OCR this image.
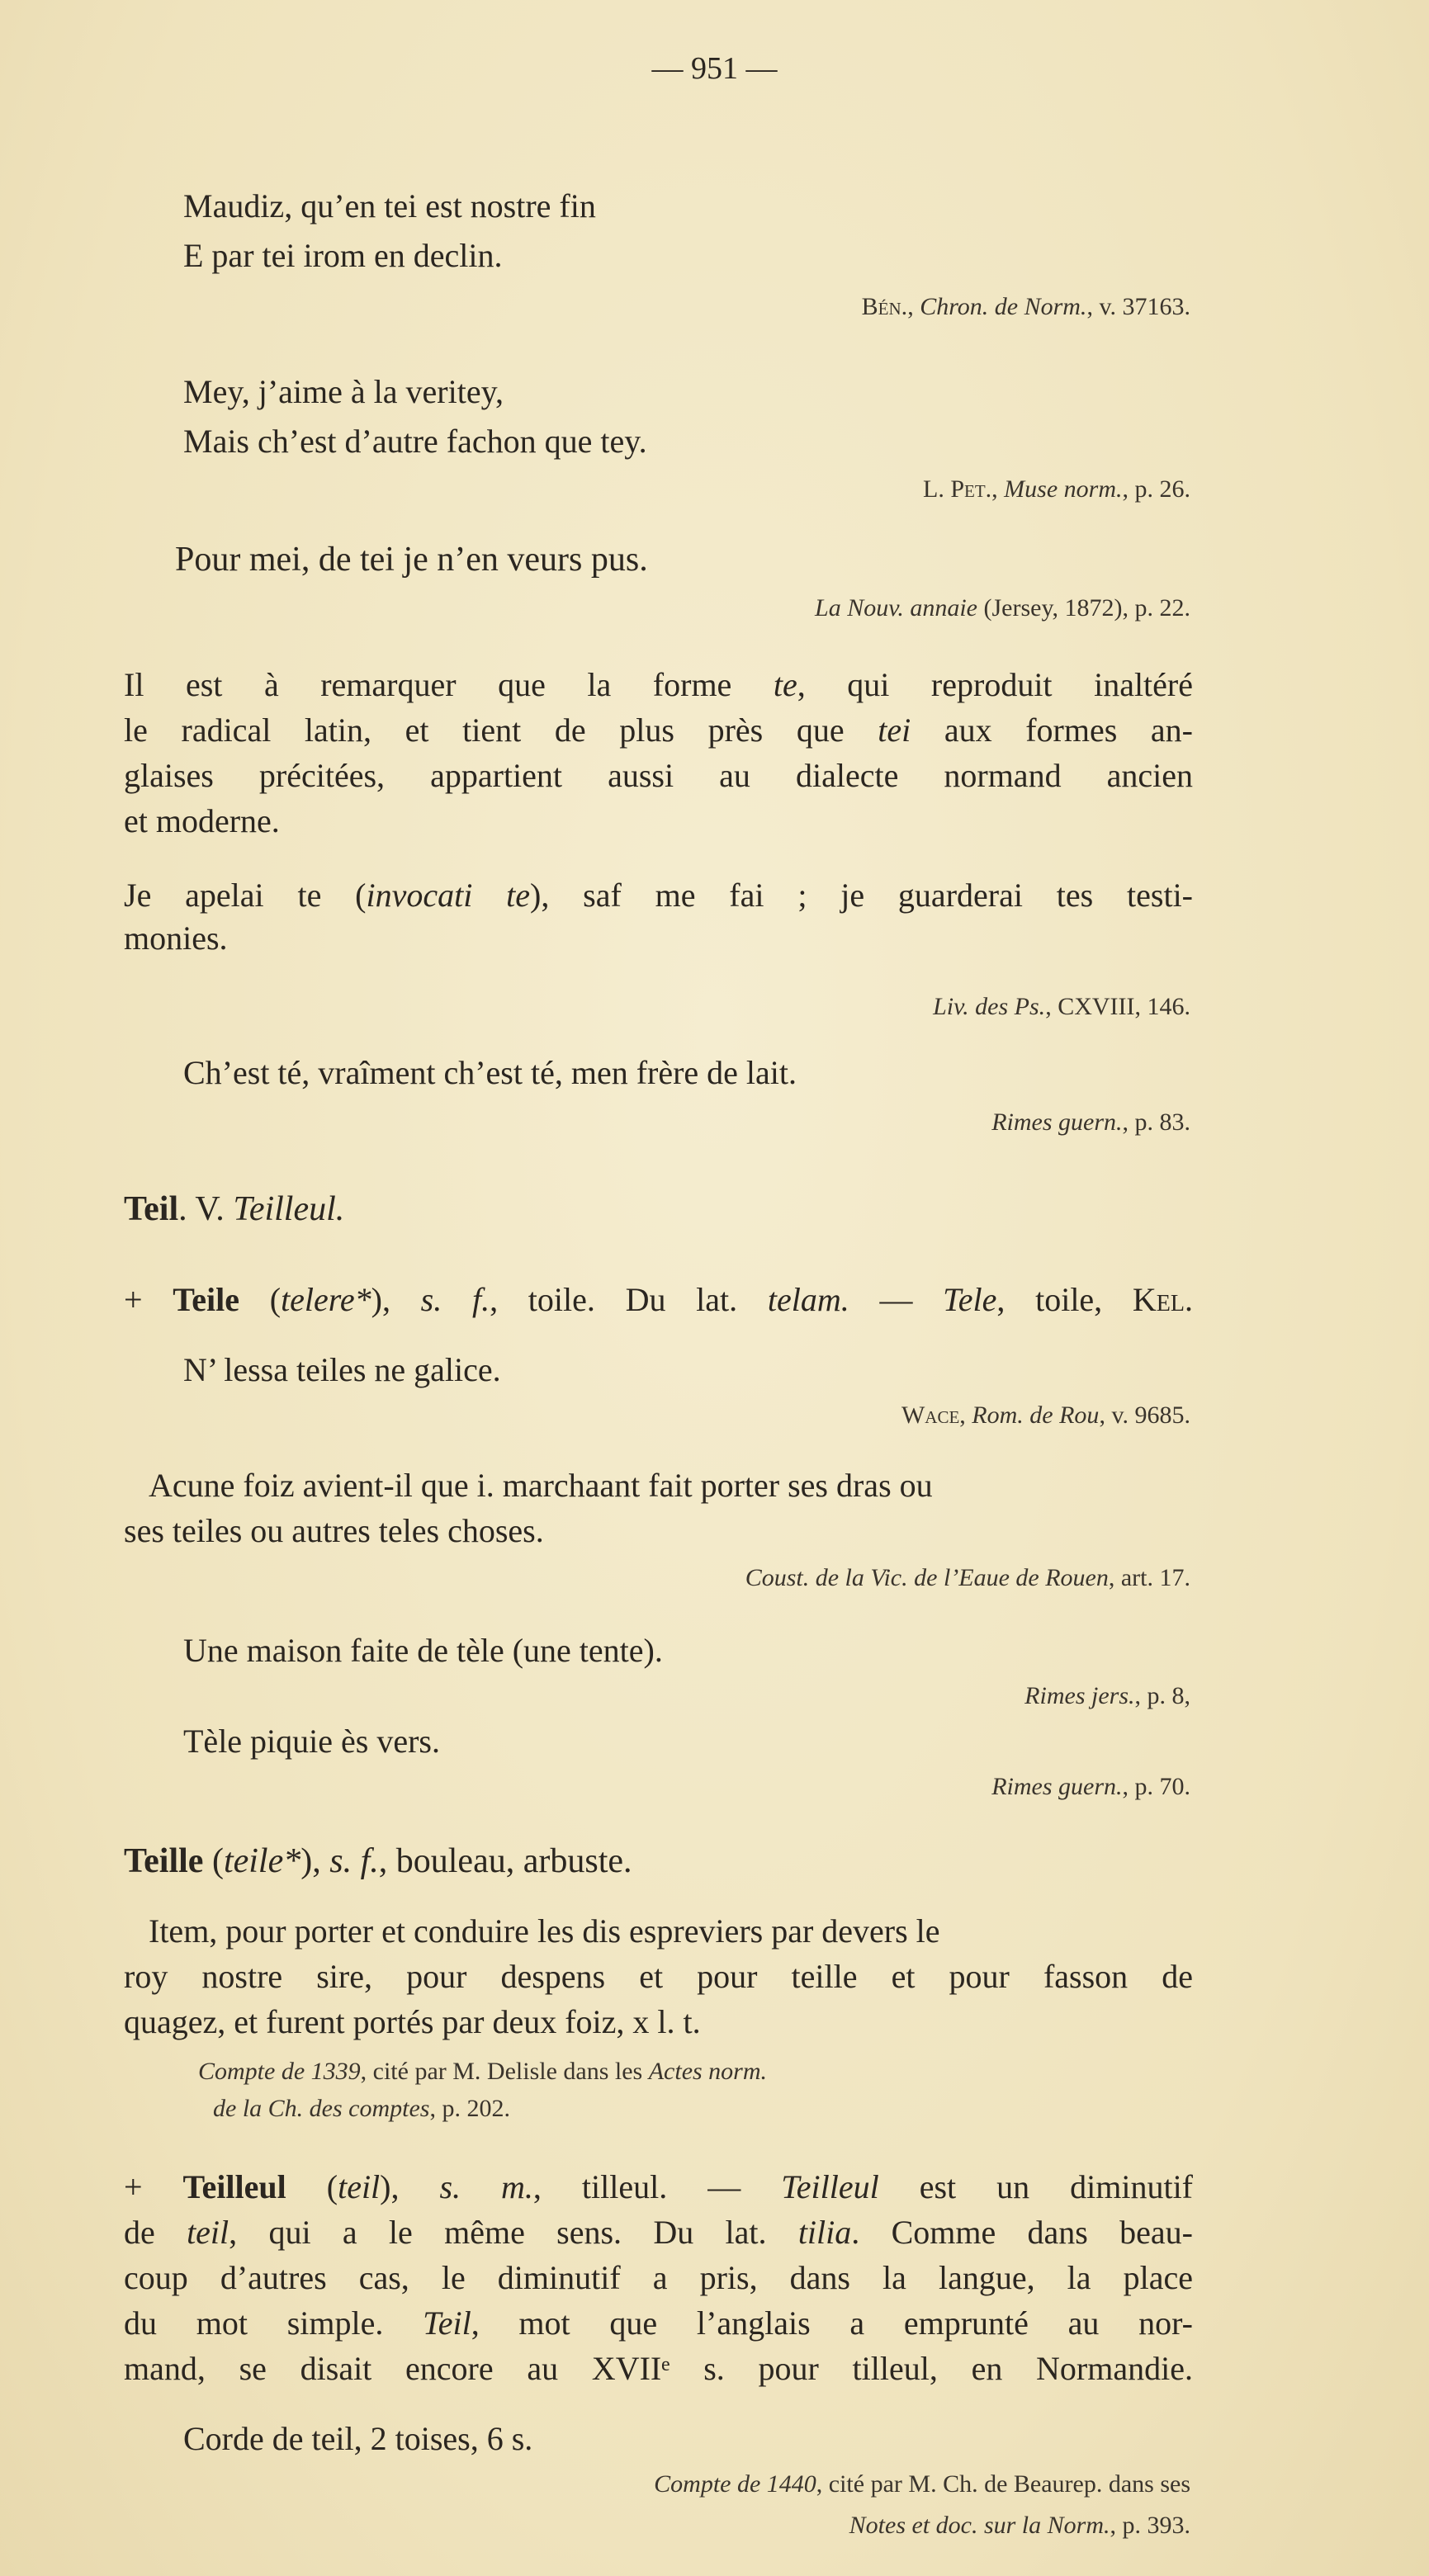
— 951 —
Maudiz, qu’en tei est nostre fin
E par tei irom en declin.
Bén., Chron. de Norm., v. 37163.
Mey, j’aime à la veritey,
Mais ch’est d’autre fachon que tey.
L. Pet., Muse norm., p. 26.
Pour mei, de tei je n’en veurs pus.
La Nouv. annaie (Jersey, 1872), p. 22.
Il est à remarquer que la forme te, qui reproduit inaltéré
le radical latin, et tient de plus près que tei aux formes an-
glaises précitées, appartient aussi au dialecte normand ancien
et moderne.
Je apelai te (invocati te), saf me fai ; je guarderai tes testi-
monies.
Liv. des Ps., CXVIII, 146.
Ch’est té, vraîment ch’est té, men frère de lait.
Rimes guern., p. 83.
Teil. V. Teilleul.
+ Teile (telere*), s. f., toile. Du lat. telam. — Tele, toile, Kel.
N’ lessa teiles ne galice.
Wace, Rom. de Rou, v. 9685.
Acune foiz avient-il que i. marchaant fait porter ses dras ou
ses teiles ou autres teles choses.
Coust. de la Vic. de l’Eaue de Rouen, art. 17.
Une maison faite de tèle (une tente).
Rimes jers., p. 8,
Tèle piquie ès vers.
Rimes guern., p. 70.
Teille (teile*), s. f., bouleau, arbuste.
Item, pour porter et conduire les dis espreviers par devers le
roy nostre sire, pour despens et pour teille et pour fasson de
quagez, et furent portés par deux foiz, x l. t.
Compte de 1339, cité par M. Delisle dans les Actes norm.
de la Ch. des comptes, p. 202.
+ Teilleul (teil), s. m., tilleul. — Teilleul est un diminutif
de teil, qui a le même sens. Du lat. tilia. Comme dans beau-
coup d’autres cas, le diminutif a pris, dans la langue, la place
du mot simple. Teil, mot que l’anglais a emprunté au nor-
mand, se disait encore au XVIIᵉ s. pour tilleul, en Normandie.
Corde de teil, 2 toises, 6 s.
Compte de 1440, cité par M. Ch. de Beaurep. dans ses
Notes et doc. sur la Norm., p. 393.
